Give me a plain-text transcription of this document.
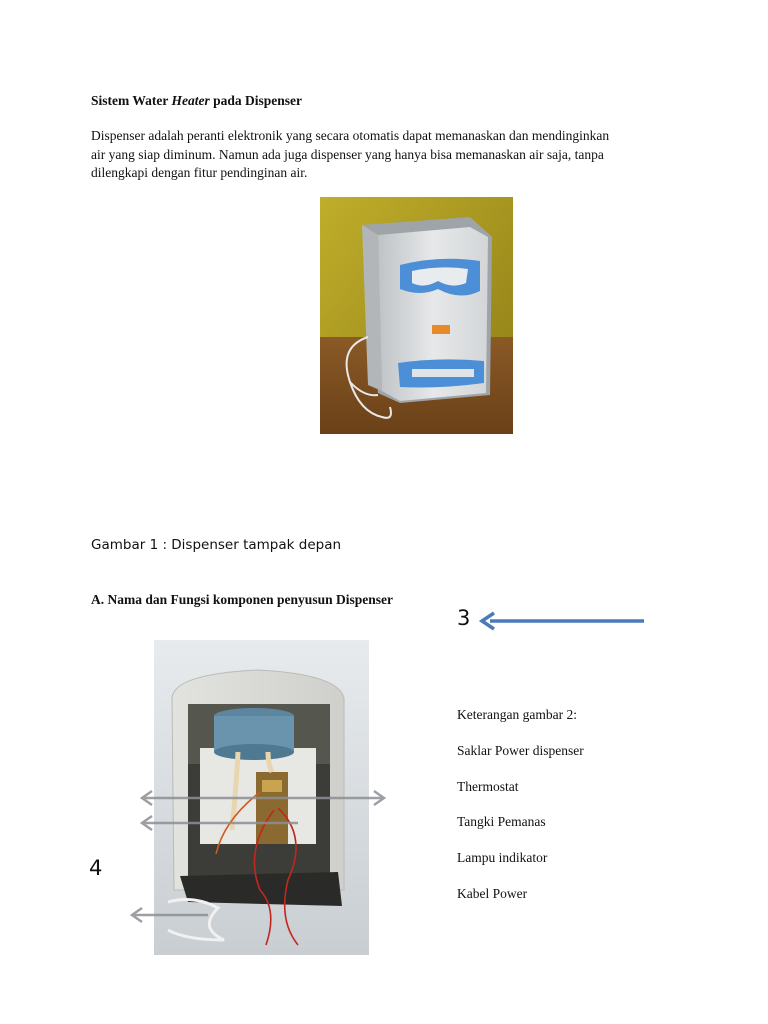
Sistem Water Heater pada Dispenser
Dispenser adalah peranti elektronik yang secara otomatis dapat memanaskan dan mendinginkan
air yang siap diminum. Namun ada juga dispenser yang hanya bisa memanaskan air saja, tanpa
dilengkapi dengan fitur pendinginan air.
Gambar 1 : Dispenser tampak depan
A. Nama dan Fungsi komponen penyusun Dispenser
3
4
Keterangan gambar 2:
Saklar Power dispenser
Thermostat
Tangki Pemanas
Lampu indikator
Kabel Power
